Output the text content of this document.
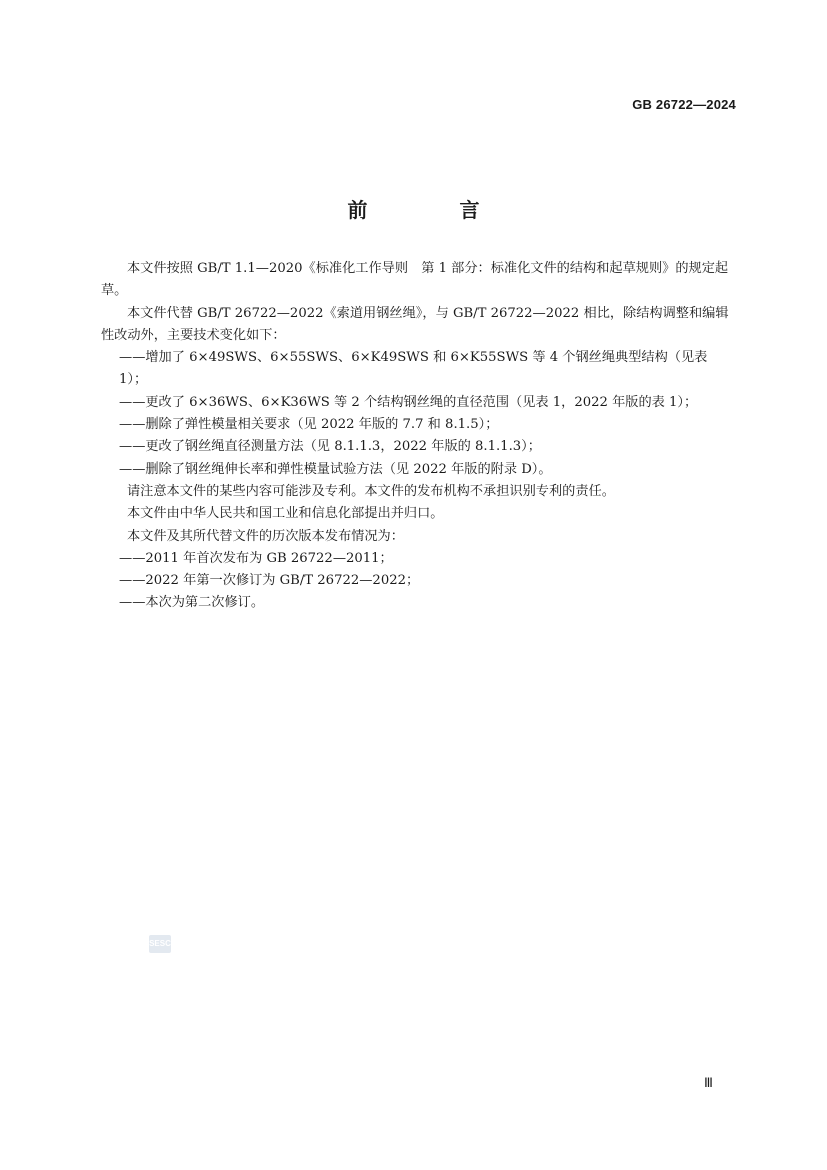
GB 26722—2024
前　言

本文件按照 GB/T 1.1—2020《标准化工作导则　第 1 部分：标准化文件的结构和起草规则》的规定起草。

本文件代替 GB/T 26722—2022《索道用钢丝绳》，与 GB/T 26722—2022 相比，除结构调整和编辑性改动外，主要技术变化如下：

——增加了 6×49SWS、6×55SWS、6×K49SWS 和 6×K55SWS 等 4 个钢丝绳典型结构（见表 1）；

——更改了 6×36WS、6×K36WS 等 2 个结构钢丝绳的直径范围（见表 1，2022 年版的表 1）；

——删除了弹性模量相关要求（见 2022 年版的 7.7 和 8.1.5）；

——更改了钢丝绳直径测量方法（见 8.1.1.3，2022 年版的 8.1.1.3）；

——删除了钢丝绳伸长率和弹性模量试验方法（见 2022 年版的附录 D）。

请注意本文件的某些内容可能涉及专利。本文件的发布机构不承担识别专利的责任。

本文件由中华人民共和国工业和信息化部提出并归口。

本文件及其所代替文件的历次版本发布情况为：

——2011 年首次发布为 GB 26722—2011；

——2022 年第一次修订为 GB/T 26722—2022；

——本次为第二次修订。

SESC
Ⅲ
